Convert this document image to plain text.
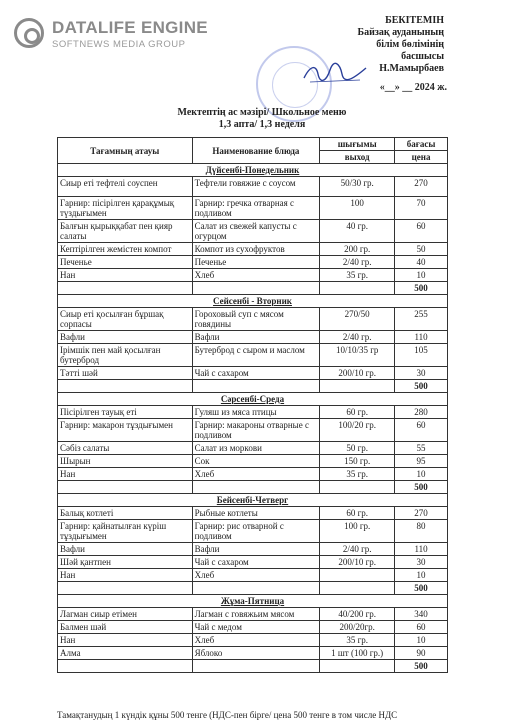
DATALIFE ENGINE
SOFTNEWS MEDIA GROUP
БЕКІТЕМІН
Байзақ ауданының
білім бөлімінің
басшысы
Н.Мамырбаев
«__» __ 2024 ж.
Мектептің ас мәзірі/ Школьное меню
1,3 апта/ 1,3 неделя
Тағамның атауы	Наименование блюда	шығымы	бағасы
		выход	цена
Дүйсенбі-Понедельник			
Сиыр еті тефтелі соуспен	Тефтели говяжие с соусом	50/30 гр.	270
Гарнир: пісірілген қарақұмық түздығымен	Гарнир: гречка отварная с подливом	100	70
Балғын қырыққабат пен қияр салаты	Салат из свежей капусты с огурцом	40 гр.	60
Кептірілген жемістен компот	Компот из сухофруктов	200 гр.	50
Печенье	Печенье	2/40 гр.	40
Нан	Хлеб	35 гр.	10
			500
Сейсенбі - Вторник			
Сиыр еті қосылған бұршақ сорпасы	Гороховый суп с мясом говядины	270/50	255
Вафли	Вафли	2/40 гр.	110
Ірімшік пен май қосылған бутерброд	Бутерброд с сыром и маслом	10/10/35 гр	105
Тәтті шәй	Чай с сахаром	200/10 гр.	30
			500
Сәрсенбі-Среда			
Пісірілген тауық еті	Гуляш из мяса птицы	60 гр.	280
Гарнир: макарон тұздығымен	Гарнир: макароны отварные с подливом	100/20 гр.	60
Сәбіз салаты	Салат из моркови	50 гр.	55
Шырын	Сок	150 гр.	95
Нан	Хлеб	35 гр.	10
			500
Бейсенбі-Четверг			
Балық котлеті	Рыбные котлеты	60 гр.	270
Гарнир: қайнатылған күріш тұздығымен	Гарнир: рис отварной с подливом	100 гр.	80
Вафли	Вафли	2/40 гр.	110
Шәй қантпен	Чай с сахаром	200/10 гр.	30
Нан	Хлеб		10
			500
Жұма-Пятница			
Лагман сиыр етімен	Лагман с говяжьим мясом	40/200 гр.	340
Балмен шәй	Чай с медом	200/20гр.	60
Нан	Хлеб	35 гр.	10
Алма	Яблоко	1 шт (100 гр.)	90
			500
Тамақтанудың 1 күндік құны 500 тенге (НДС-пен бірге/ цена 500 тенге в том числе НДС
